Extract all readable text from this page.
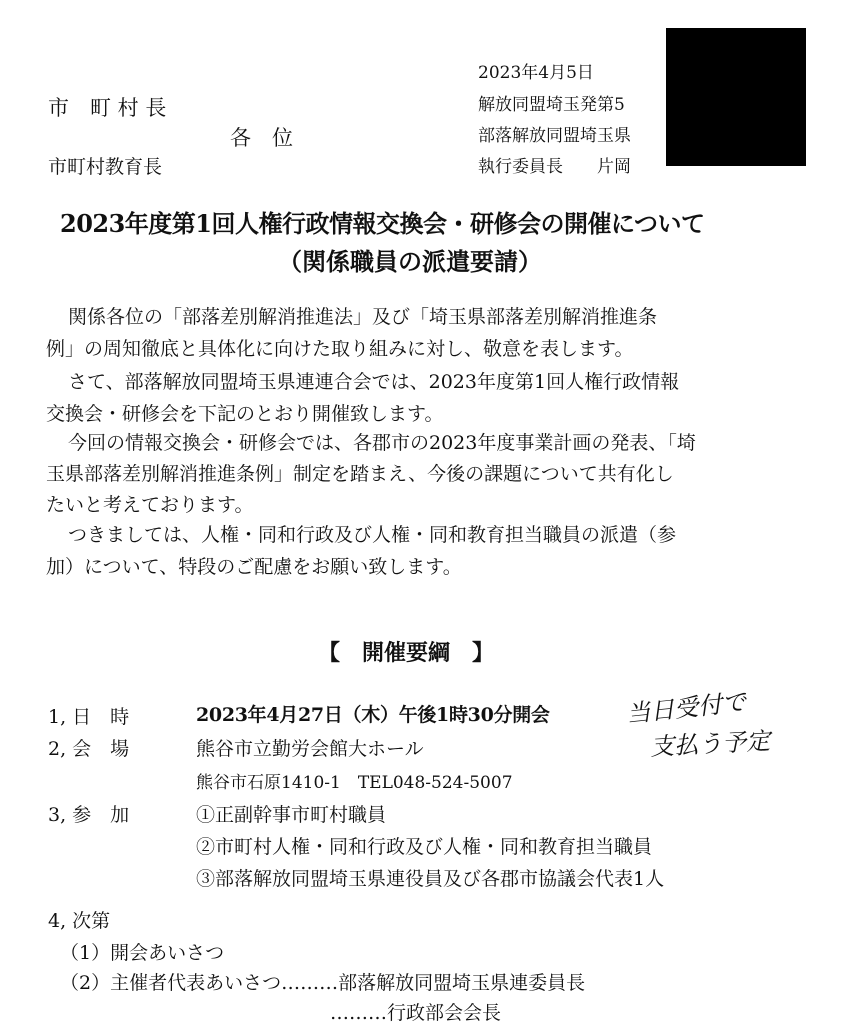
市　町 村 長
各　位
市町村教育長
2023年4月5日
解放同盟埼玉発第5
部落解放同盟埼玉県
執行委員長　　片岡
2023年度第1回人権行政情報交換会・研修会の開催について
（関係職員の派遣要請）
関係各位の「部落差別解消推進法」及び「埼玉県部落差別解消推進条
例」の周知徹底と具体化に向けた取り組みに対し、敬意を表します。
さて、部落解放同盟埼玉県連連合会では、2023年度第1回人権行政情報
交換会・研修会を下記のとおり開催致します。
今回の情報交換会・研修会では、各郡市の2023年度事業計画の発表、「埼
玉県部落差別解消推進条例」制定を踏まえ、今後の課題について共有化し
たいと考えております。
つきましては、人権・同和行政及び人権・同和教育担当職員の派遣（参
加）について、特段のご配慮をお願い致します。
【　開催要綱　】
1, 日　時	2023年4月27日（木）午後1時30分開会	当日受付で
支払う予定
2, 会　場	熊谷市立勤労会館大ホール
熊谷市石原1410-1　TEL048-524-5007
3, 参　加	①正副幹事市町村職員
②市町村人権・同和行政及び人権・同和教育担当職員
③部落解放同盟埼玉県連役員及び各郡市協議会代表1人
4, 次第
（1）開会あいさつ
（2）主催者代表あいさつ………部落解放同盟埼玉県連委員長
………行政部会会長
